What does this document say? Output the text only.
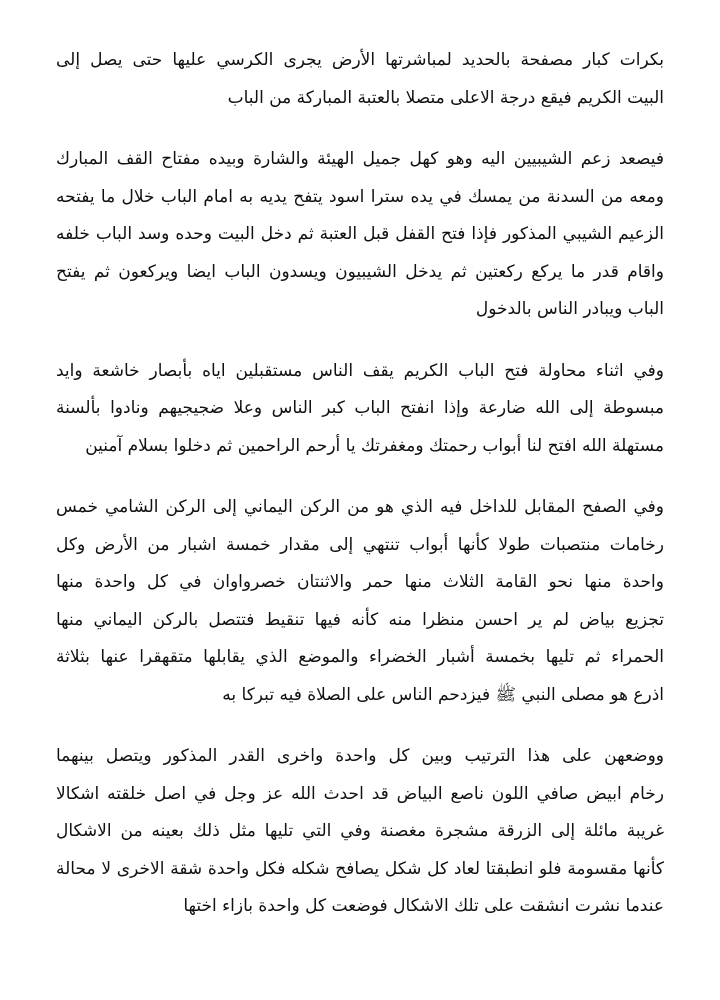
بكرات كبار مصفحة بالحديد لمباشرتها الأرض يجرى الكرسي عليها حتى يصل إلى
البيت الكريم فيقع درجة الاعلى متصلا بالعتبة المباركة من الباب
فيصعد زعم الشيبيين اليه وهو كهل جميل الهيئة والشارة وبيده مفتاح القف المبارك
ومعه من السدنة من يمسك في يده سترا اسود يتفح يديه به امام الباب خلال ما يفتحه
الزعيم الشيبي المذكور فإذا فتح القفل قبل العتبة ثم دخل البيت وحده وسد الباب خلفه
واقام قدر ما يركع ركعتين ثم يدخل الشيبيون ويسدون الباب ايضا ويركعون ثم يفتح
الباب ويبادر الناس بالدخول
وفي اثناء محاولة فتح الباب الكريم يقف الناس مستقبلين اياه بأبصار خاشعة وايد
مبسوطة إلى الله ضارعة وإذا انفتح الباب كبر الناس وعلا ضجيجيهم ونادوا بألسنة
مستهلة الله افتح لنا أبواب رحمتك ومغفرتك يا أرحم الراحمين ثم دخلوا بسلام آمنين
وفي الصفح المقابل للداخل فيه الذي هو من الركن اليماني إلى الركن الشامي خمس
رخامات منتصبات طولا كأنها أبواب تنتهي إلى مقدار خمسة اشبار من الأرض وكل
واحدة منها نحو القامة الثلاث منها حمر والاثنتان خصرواوان في كل واحدة منها
تجزيع بياض لم ير احسن منظرا منه كأنه فيها تنقيط فتتصل بالركن اليماني منها
الحمراء ثم تليها بخمسة أشبار الخضراء والموضع الذي يقابلها متقهقرا عنها بثلاثة
اذرع هو مصلى النبي ﷺ فيزدحم الناس على الصلاة فيه تبركا به
ووضعهن على هذا الترتيب وبين كل واحدة واخرى القدر المذكور ويتصل بينهما
رخام ابيض صافي اللون ناصع البياض قد احدث الله عز وجل في اصل خلقته اشكالا
غريبة مائلة إلى الزرقة مشجرة مغصنة وفي التي تليها مثل ذلك بعينه من الاشكال
كأنها مقسومة فلو انطبقتا لعاد كل شكل يصافح شكله فكل واحدة شقة الاخرى لا محالة
عندما نشرت انشقت على تلك الاشكال فوضعت كل واحدة بازاء اختها
